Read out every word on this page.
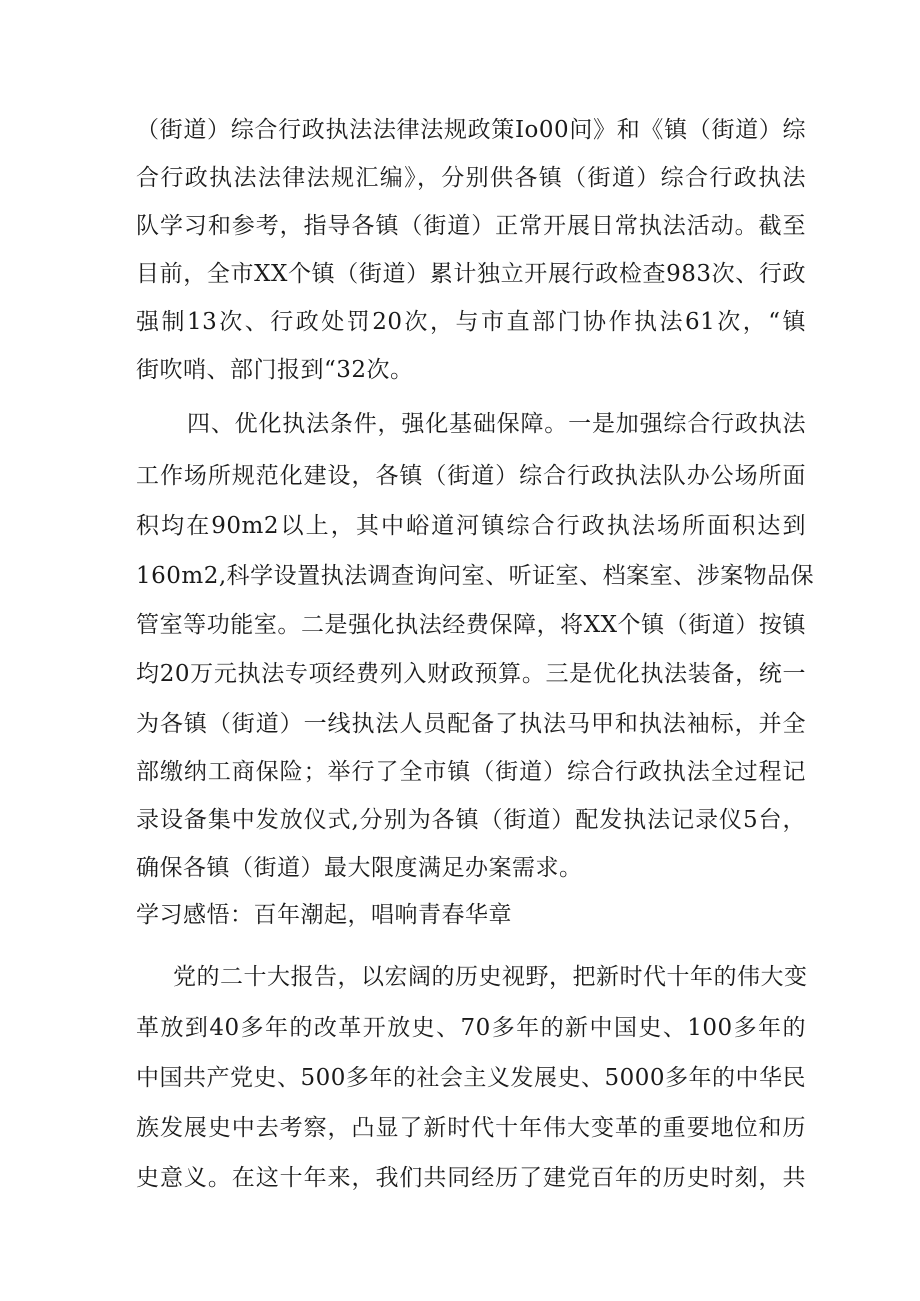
（街道）综合行政执法法律法规政策Io00问》和《镇（街道）综
合行政执法法律法规汇编》，分别供各镇（街道）综合行政执法
队学习和参考，指导各镇（街道）正常开展日常执法活动。截至
目前，全市XX个镇（街道）累计独立开展行政检查983次、行政
强制13次、行政处罚20次，与市直部门协作执法61次，“镇
街吹哨、部门报到“32次。
四、优化执法条件，强化基础保障。一是加强综合行政执法
工作场所规范化建设，各镇（街道）综合行政执法队办公场所面
积均在90m2以上，其中峪道河镇综合行政执法场所面积达到
160m2,科学设置执法调查询问室、听证室、档案室、涉案物品保
管室等功能室。二是强化执法经费保障，将XX个镇（街道）按镇
均20万元执法专项经费列入财政预算。三是优化执法装备，统一
为各镇（街道）一线执法人员配备了执法马甲和执法袖标，并全
部缴纳工商保险；举行了全市镇（街道）综合行政执法全过程记
录设备集中发放仪式,分别为各镇（街道）配发执法记录仪5台，
确保各镇（街道）最大限度满足办案需求。
学习感悟：百年潮起，唱响青春华章
党的二十大报告，以宏阔的历史视野，把新时代十年的伟大变
革放到40多年的改革开放史、70多年的新中国史、100多年的
中国共产党史、500多年的社会主义发展史、5000多年的中华民
族发展史中去考察，凸显了新时代十年伟大变革的重要地位和历
史意义。在这十年来，我们共同经历了建党百年的历史时刻，共
